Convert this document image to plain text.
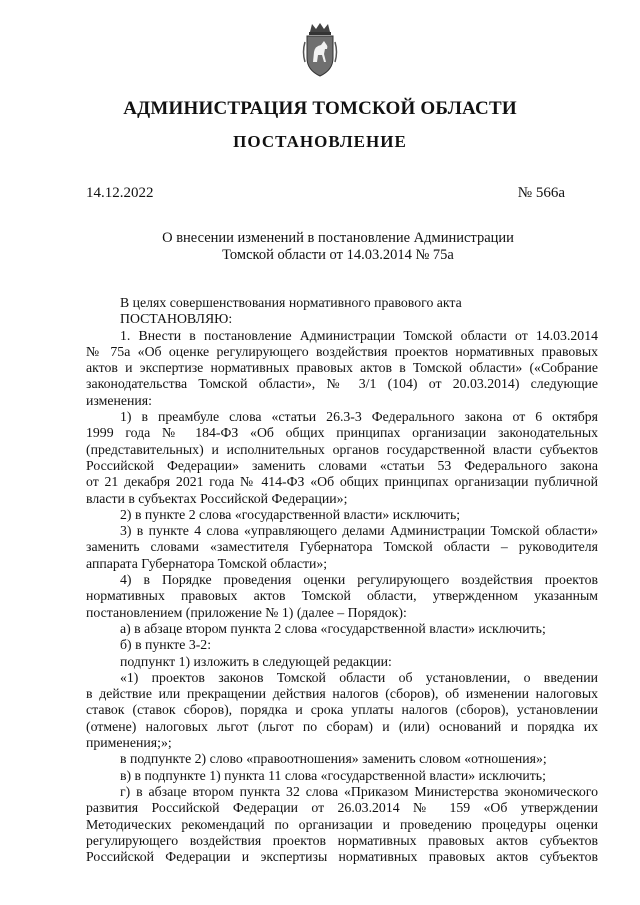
АДМИНИСТРАЦИЯ ТОМСКОЙ ОБЛАСТИ
ПОСТАНОВЛЕНИЕ
14.12.2022	№ 566а
О внесении изменений в постановление Администрации
Томской области от 14.03.2014 № 75а
В целях совершенствования нормативного правового акта
ПОСТАНОВЛЯЮ:
1. Внести в постановление Администрации Томской области от 14.03.2014
№ 75а «Об оценке регулирующего воздействия проектов нормативных правовых
актов и экспертизе нормативных правовых актов в Томской области» («Собрание
законодательства Томской области», № 3/1 (104) от 20.03.2014) следующие
изменения:
1) в преамбуле слова «статьи 26.3-3 Федерального закона от 6 октября
1999 года № 184-ФЗ «Об общих принципах организации законодательных
(представительных) и исполнительных органов государственной власти субъектов
Российской Федерации» заменить словами «статьи 53 Федерального закона
от 21 декабря 2021 года № 414-ФЗ «Об общих принципах организации публичной
власти в субъектах Российской Федерации»;
2) в пункте 2 слова «государственной власти» исключить;
3) в пункте 4 слова «управляющего делами Администрации Томской области»
заменить словами «заместителя Губернатора Томской области – руководителя
аппарата Губернатора Томской области»;
4) в Порядке проведения оценки регулирующего воздействия проектов
нормативных правовых актов Томской области, утвержденном указанным
постановлением (приложение № 1) (далее – Порядок):
а) в абзаце втором пункта 2 слова «государственной власти» исключить;
б) в пункте 3-2:
подпункт 1) изложить в следующей редакции:
«1) проектов законов Томской области об установлении, о введении
в действие или прекращении действия налогов (сборов), об изменении налоговых
ставок (ставок сборов), порядка и срока уплаты налогов (сборов), установлении
(отмене) налоговых льгот (льгот по сборам) и (или) оснований и порядка их
применения;»;
в подпункте 2) слово «правоотношения» заменить словом «отношения»;
в) в подпункте 1) пункта 11 слова «государственной власти» исключить;
г) в абзаце втором пункта 32 слова «Приказом Министерства экономического
развития Российской Федерации от 26.03.2014 № 159 «Об утверждении
Методических рекомендаций по организации и проведению процедуры оценки
регулирующего воздействия проектов нормативных правовых актов субъектов
Российской Федерации и экспертизы нормативных правовых актов субъектов
